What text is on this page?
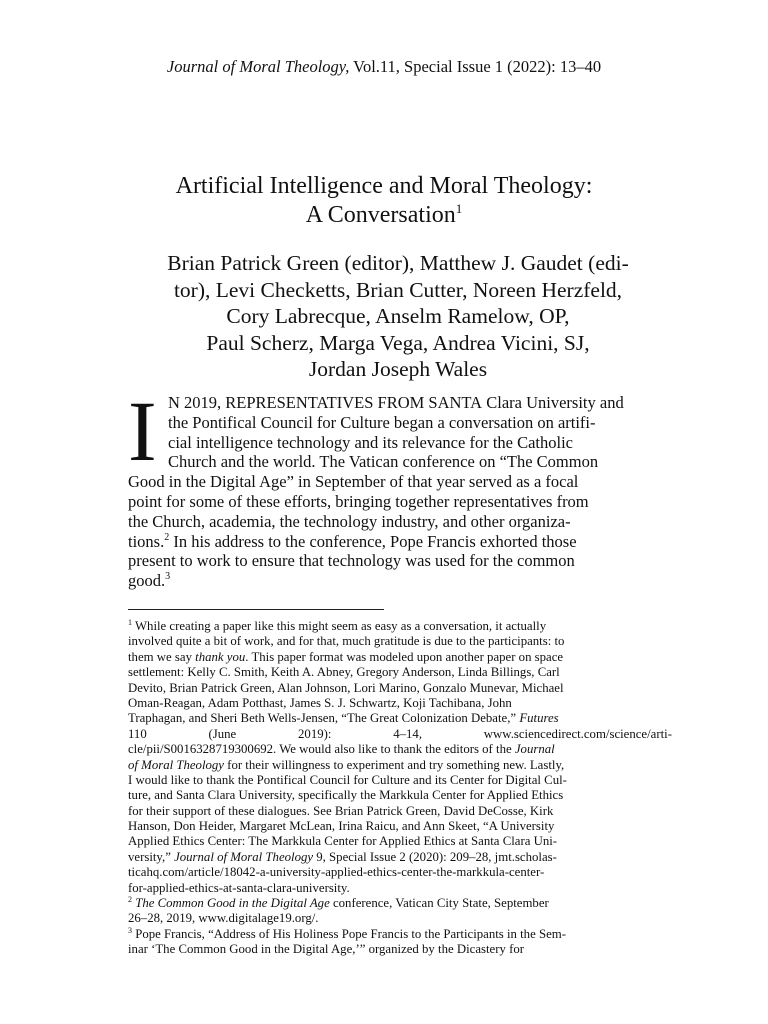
Journal of Moral Theology, Vol.11, Special Issue 1 (2022): 13–40
Artificial Intelligence and Moral Theology:
A Conversation$^1$
Brian Patrick Green (editor), Matthew J. Gaudet (edi-
tor), Levi Checketts, Brian Cutter, Noreen Herzfeld,
Cory Labrecque, Anselm Ramelow, OP,
Paul Scherz, Marga Vega, Andrea Vicini, SJ,
Jordan Joseph Wales
I N 2019, REPRESENTATIVES FROM SANTA Clara University and
the Pontifical Council for Culture began a conversation on artifi-
cial intelligence technology and its relevance for the Catholic
Church and the world. The Vatican conference on “The Common
Good in the Digital Age” in September of that year served as a focal
point for some of these efforts, bringing together representatives from
the Church, academia, the technology industry, and other organiza-
tions.$^2$ In his address to the conference, Pope Francis exhorted those
present to work to ensure that technology was used for the common
good.$^3$
$^1$ While creating a paper like this might seem as easy as a conversation, it actually
involved quite a bit of work, and for that, much gratitude is due to the participants: to
them we say thank you. This paper format was modeled upon another paper on space
settlement: Kelly C. Smith, Keith A. Abney, Gregory Anderson, Linda Billings, Carl
Devito, Brian Patrick Green, Alan Johnson, Lori Marino, Gonzalo Munevar, Michael
Oman-Reagan, Adam Potthast, James S. J. Schwartz, Koji Tachibana, John
Traphagan, and Sheri Beth Wells-Jensen, “The Great Colonization Debate,” Futures
110	(June	2019):	4–14,	www.sciencedirect.com/science/arti-
cle/pii/S0016328719300692. We would also like to thank the editors of the Journal
of Moral Theology for their willingness to experiment and try something new. Lastly,
I would like to thank the Pontifical Council for Culture and its Center for Digital Cul-
ture, and Santa Clara University, specifically the Markkula Center for Applied Ethics
for their support of these dialogues. See Brian Patrick Green, David DeCosse, Kirk
Hanson, Don Heider, Margaret McLean, Irina Raicu, and Ann Skeet, “A University
Applied Ethics Center: The Markkula Center for Applied Ethics at Santa Clara Uni-
versity,” Journal of Moral Theology 9, Special Issue 2 (2020): 209–28, jmt.scholas-
ticahq.com/article/18042-a-university-applied-ethics-center-the-markkula-center-
for-applied-ethics-at-santa-clara-university.
$^2$ The Common Good in the Digital Age conference, Vatican City State, September
26–28, 2019, www.digitalage19.org/.
$^3$ Pope Francis, “Address of His Holiness Pope Francis to the Participants in the Sem-
inar ‘The Common Good in the Digital Age,’” organized by the Dicastery for
